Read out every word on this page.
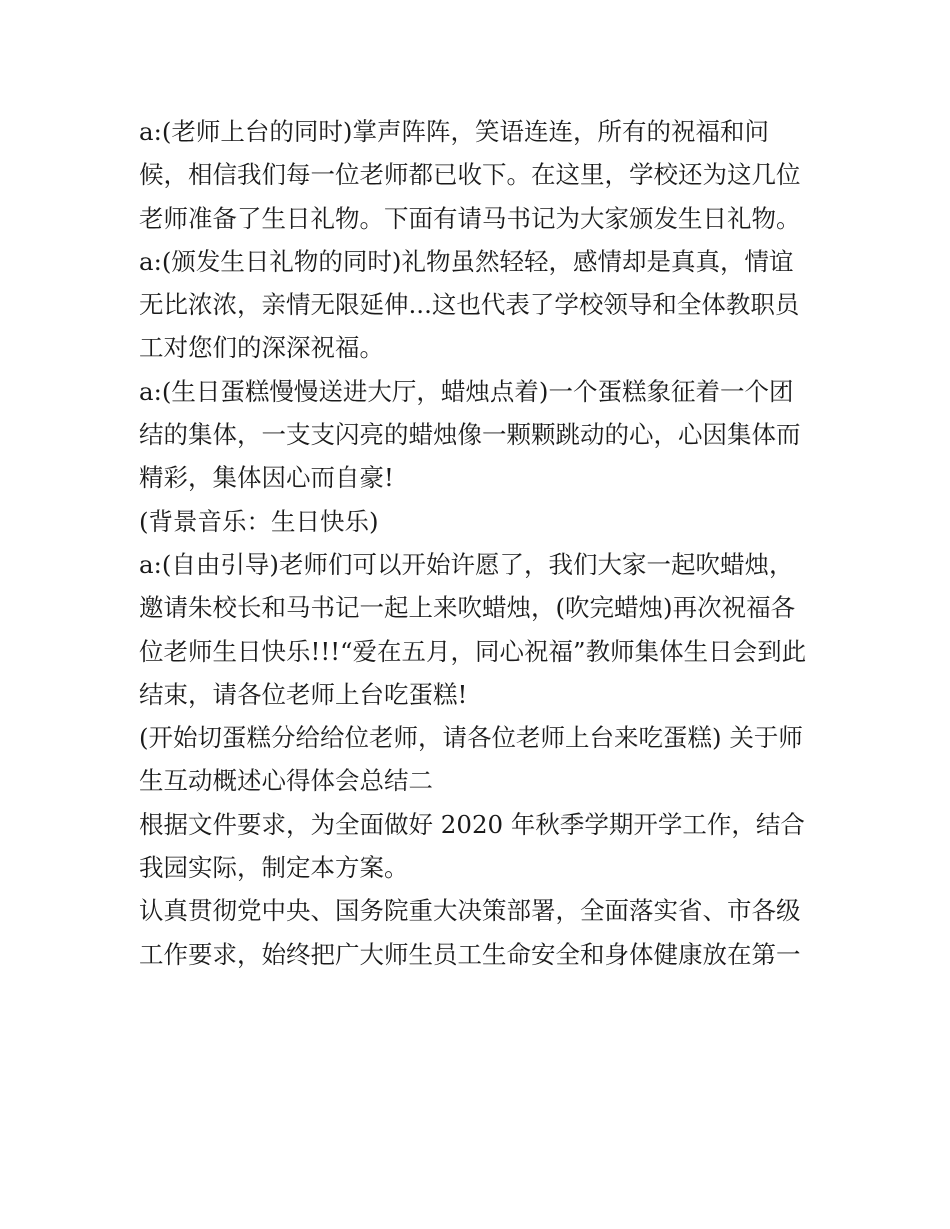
a:(老师上台的同时)掌声阵阵，笑语连连，所有的祝福和问
候，相信我们每一位老师都已收下。在这里，学校还为这几位
老师准备了生日礼物。下面有请马书记为大家颁发生日礼物。
a:(颁发生日礼物的同时)礼物虽然轻轻，感情却是真真，情谊
无比浓浓，亲情无限延伸...这也代表了学校领导和全体教职员
工对您们的深深祝福。
a:(生日蛋糕慢慢送进大厅，蜡烛点着)一个蛋糕象征着一个团
结的集体，一支支闪亮的蜡烛像一颗颗跳动的心，心因集体而
精彩，集体因心而自豪!
(背景音乐：生日快乐)
a:(自由引导)老师们可以开始许愿了，我们大家一起吹蜡烛，
邀请朱校长和马书记一起上来吹蜡烛，(吹完蜡烛)再次祝福各
位老师生日快乐!!!“爱在五月，同心祝福”教师集体生日会到此
结束，请各位老师上台吃蛋糕!
(开始切蛋糕分给给位老师，请各位老师上台来吃蛋糕) 关于师
生互动概述心得体会总结二
根据文件要求，为全面做好 2020 年秋季学期开学工作，结合
我园实际，制定本方案。
认真贯彻党中央、国务院重大决策部署，全面落实省、市各级
工作要求，始终把广大师生员工生命安全和身体健康放在第一
